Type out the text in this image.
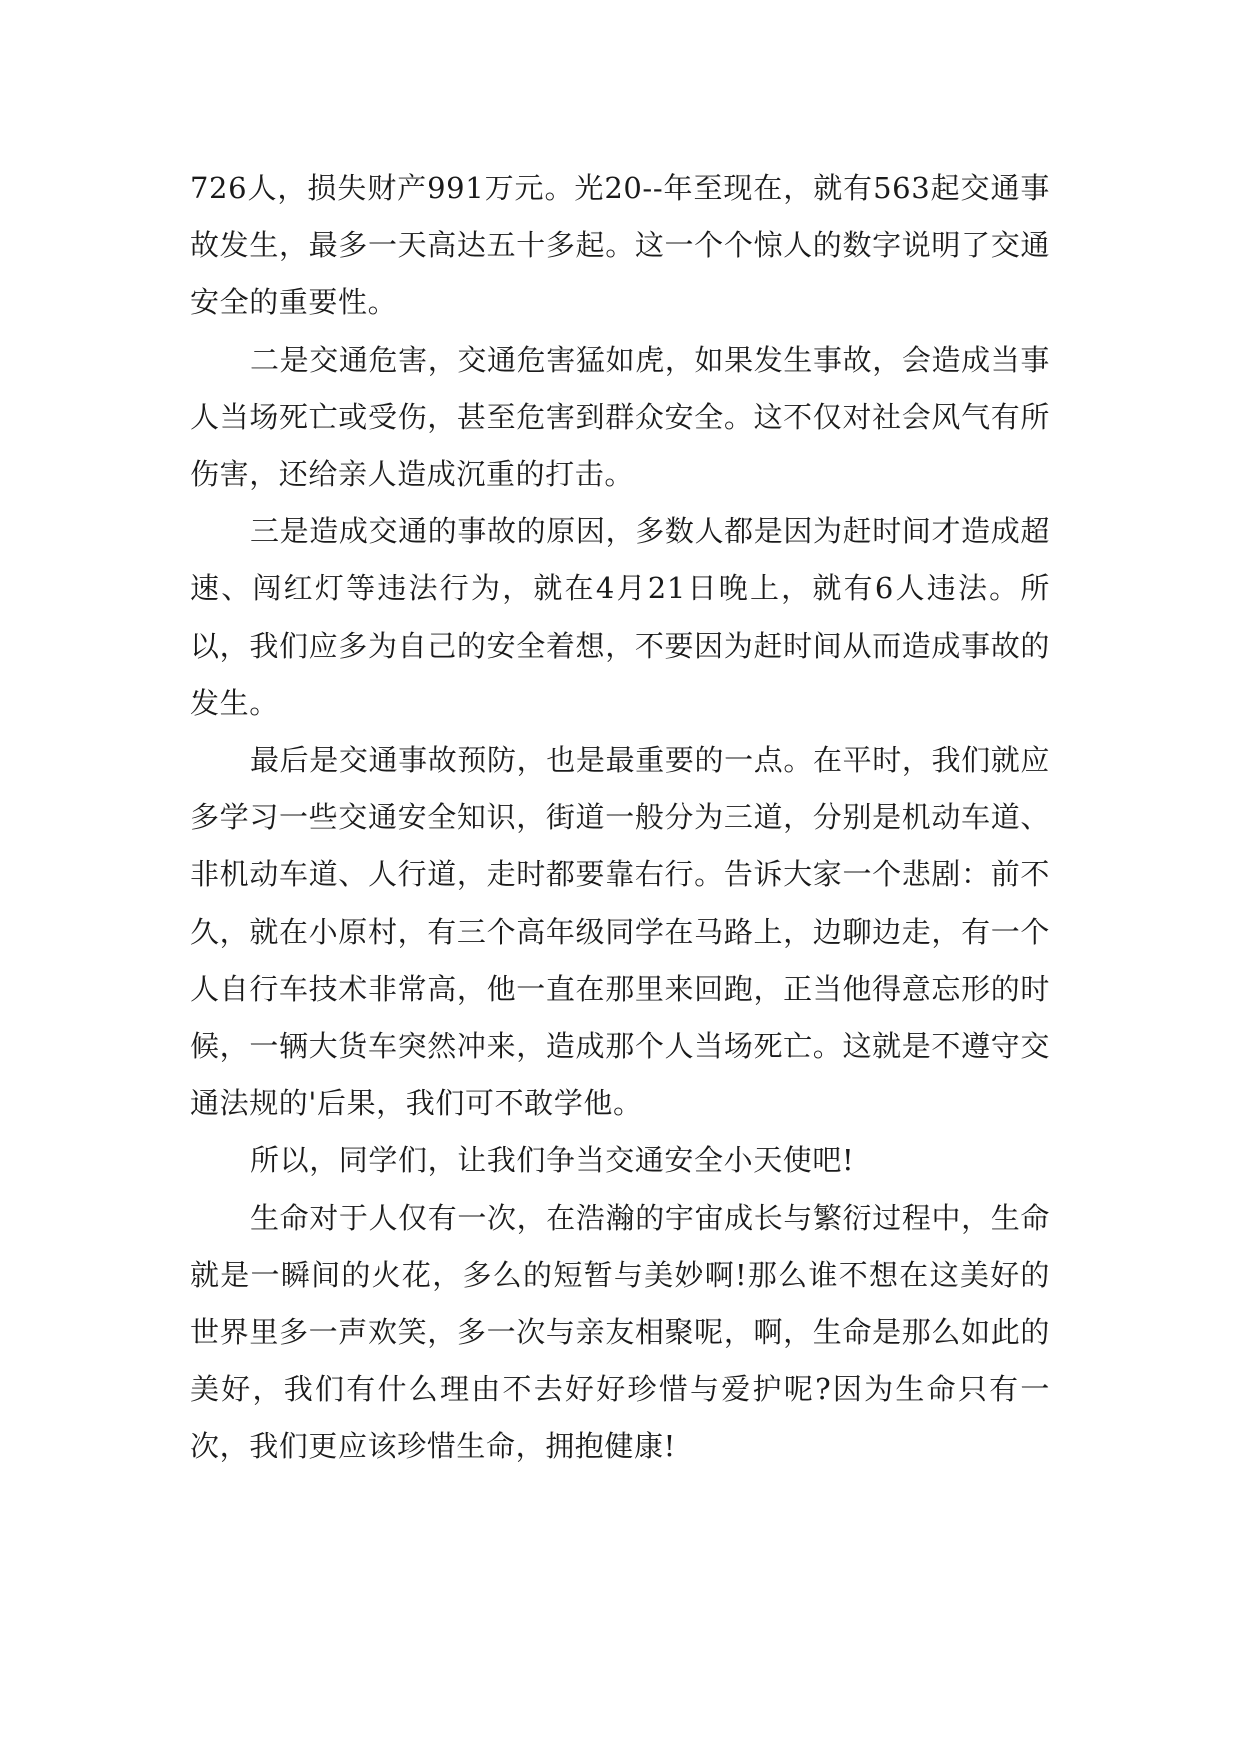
726人，损失财产991万元。光20--年至现在，就有563起交通事故发生，最多一天高达五十多起。这一个个惊人的数字说明了交通安全的重要性。

二是交通危害，交通危害猛如虎，如果发生事故，会造成当事人当场死亡或受伤，甚至危害到群众安全。这不仅对社会风气有所伤害，还给亲人造成沉重的打击。

三是造成交通的事故的原因，多数人都是因为赶时间才造成超速、闯红灯等违法行为，就在4月21日晚上，就有6人违法。所以，我们应多为自己的安全着想，不要因为赶时间从而造成事故的发生。

最后是交通事故预防，也是最重要的一点。在平时，我们就应多学习一些交通安全知识，街道一般分为三道，分别是机动车道、非机动车道、人行道，走时都要靠右行。告诉大家一个悲剧：前不久，就在小原村，有三个高年级同学在马路上，边聊边走，有一个人自行车技术非常高，他一直在那里来回跑，正当他得意忘形的时候，一辆大货车突然冲来，造成那个人当场死亡。这就是不遵守交通法规的'后果，我们可不敢学他。

所以，同学们，让我们争当交通安全小天使吧!

生命对于人仅有一次，在浩瀚的宇宙成长与繁衍过程中，生命就是一瞬间的火花，多么的短暂与美妙啊!那么谁不想在这美好的世界里多一声欢笑，多一次与亲友相聚呢，啊，生命是那么如此的美好，我们有什么理由不去好好珍惜与爱护呢?因为生命只有一次，我们更应该珍惜生命，拥抱健康!
